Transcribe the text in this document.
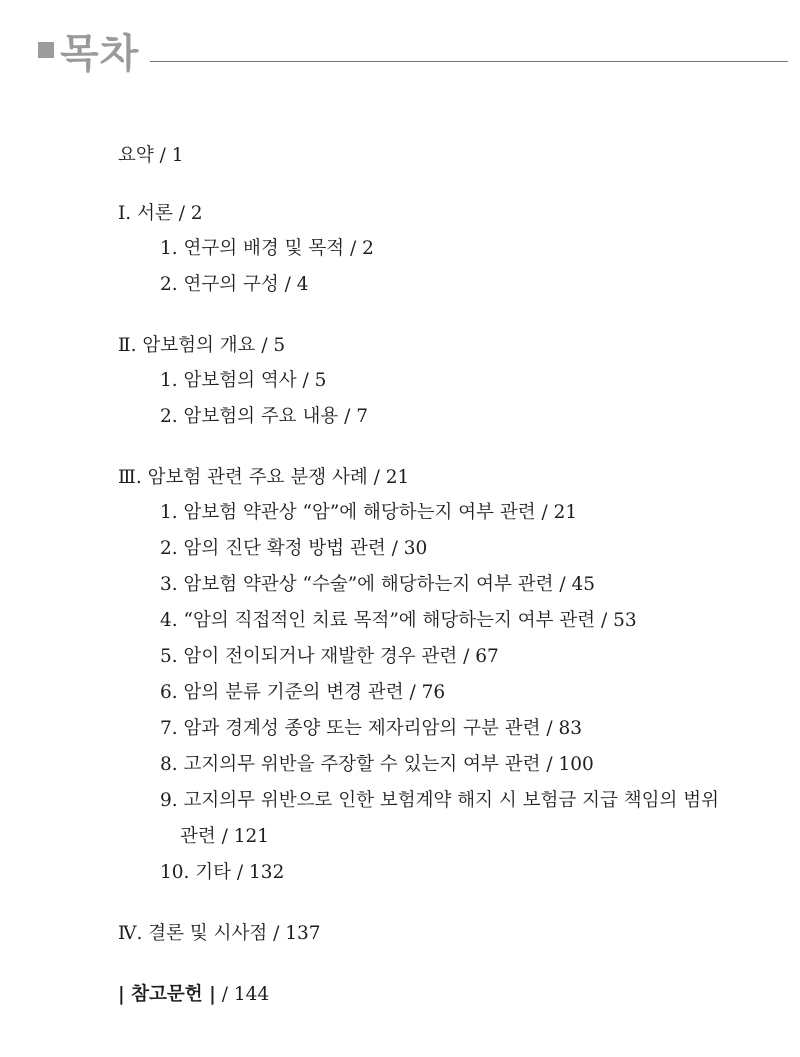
목차
요약 / 1
Ⅰ. 서론 / 2
1. 연구의 배경 및 목적 / 2
2. 연구의 구성 / 4
Ⅱ. 암보험의 개요 / 5
1. 암보험의 역사 / 5
2. 암보험의 주요 내용 / 7
Ⅲ. 암보험 관련 주요 분쟁 사례 / 21
1. 암보험 약관상 “암”에 해당하는지 여부 관련 / 21
2. 암의 진단 확정 방법 관련 / 30
3. 암보험 약관상 “수술”에 해당하는지 여부 관련 / 45
4. “암의 직접적인 치료 목적”에 해당하는지 여부 관련 / 53
5. 암이 전이되거나 재발한 경우 관련 / 67
6. 암의 분류 기준의 변경 관련 / 76
7. 암과 경계성 종양 또는 제자리암의 구분 관련 / 83
8. 고지의무 위반을 주장할 수 있는지 여부 관련 / 100
9. 고지의무 위반으로 인한 보험계약 해지 시 보험금 지급 책임의 범위
관련 / 121
10. 기타 / 132
Ⅳ. 결론 및 시사점 / 137
| 참고문헌 | / 144
